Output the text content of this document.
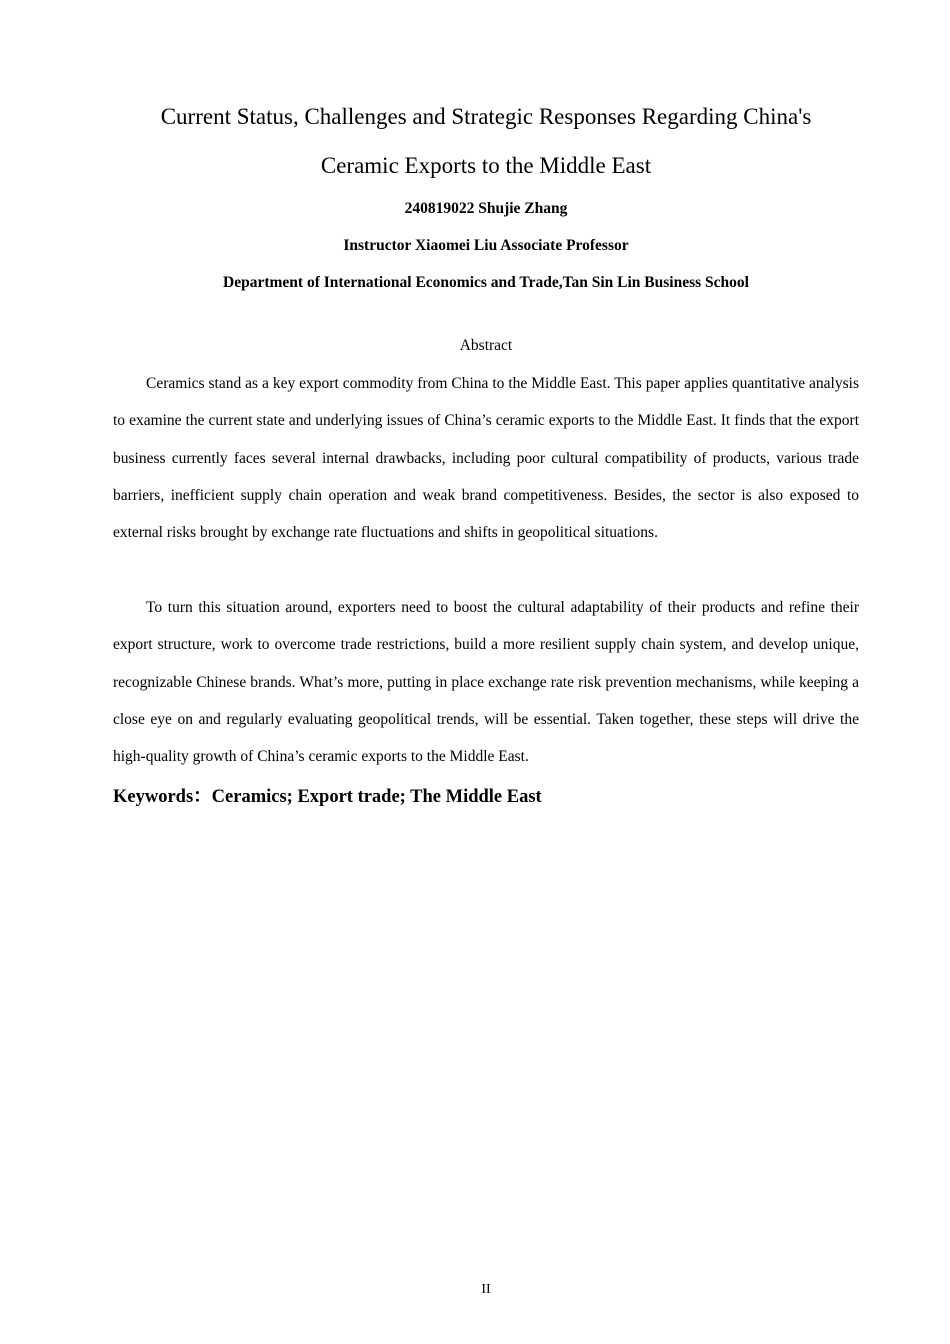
Current Status, Challenges and Strategic Responses Regarding China's
Ceramic Exports to the Middle East

240819022 Shujie Zhang

Instructor Xiaomei Liu Associate Professor

Department of International Economics and Trade,Tan Sin Lin Business School

Abstract

Ceramics stand as a key export commodity from China to the Middle East. This paper applies quantitative analysis to examine the current state and underlying issues of China’s ceramic exports to the Middle East. It finds that the export business currently faces several internal drawbacks, including poor cultural compatibility of products, various trade barriers, inefficient supply chain operation and weak brand competitiveness. Besides, the sector is also exposed to external risks brought by exchange rate fluctuations and shifts in geopolitical situations.

To turn this situation around, exporters need to boost the cultural adaptability of their products and refine their export structure, work to overcome trade restrictions, build a more resilient supply chain system, and develop unique, recognizable Chinese brands. What’s more, putting in place exchange rate risk prevention mechanisms, while keeping a close eye on and regularly evaluating geopolitical trends, will be essential. Taken together, these steps will drive the high-quality growth of China’s ceramic exports to the Middle East.

Keywords：Ceramics; Export trade; The Middle East

II
